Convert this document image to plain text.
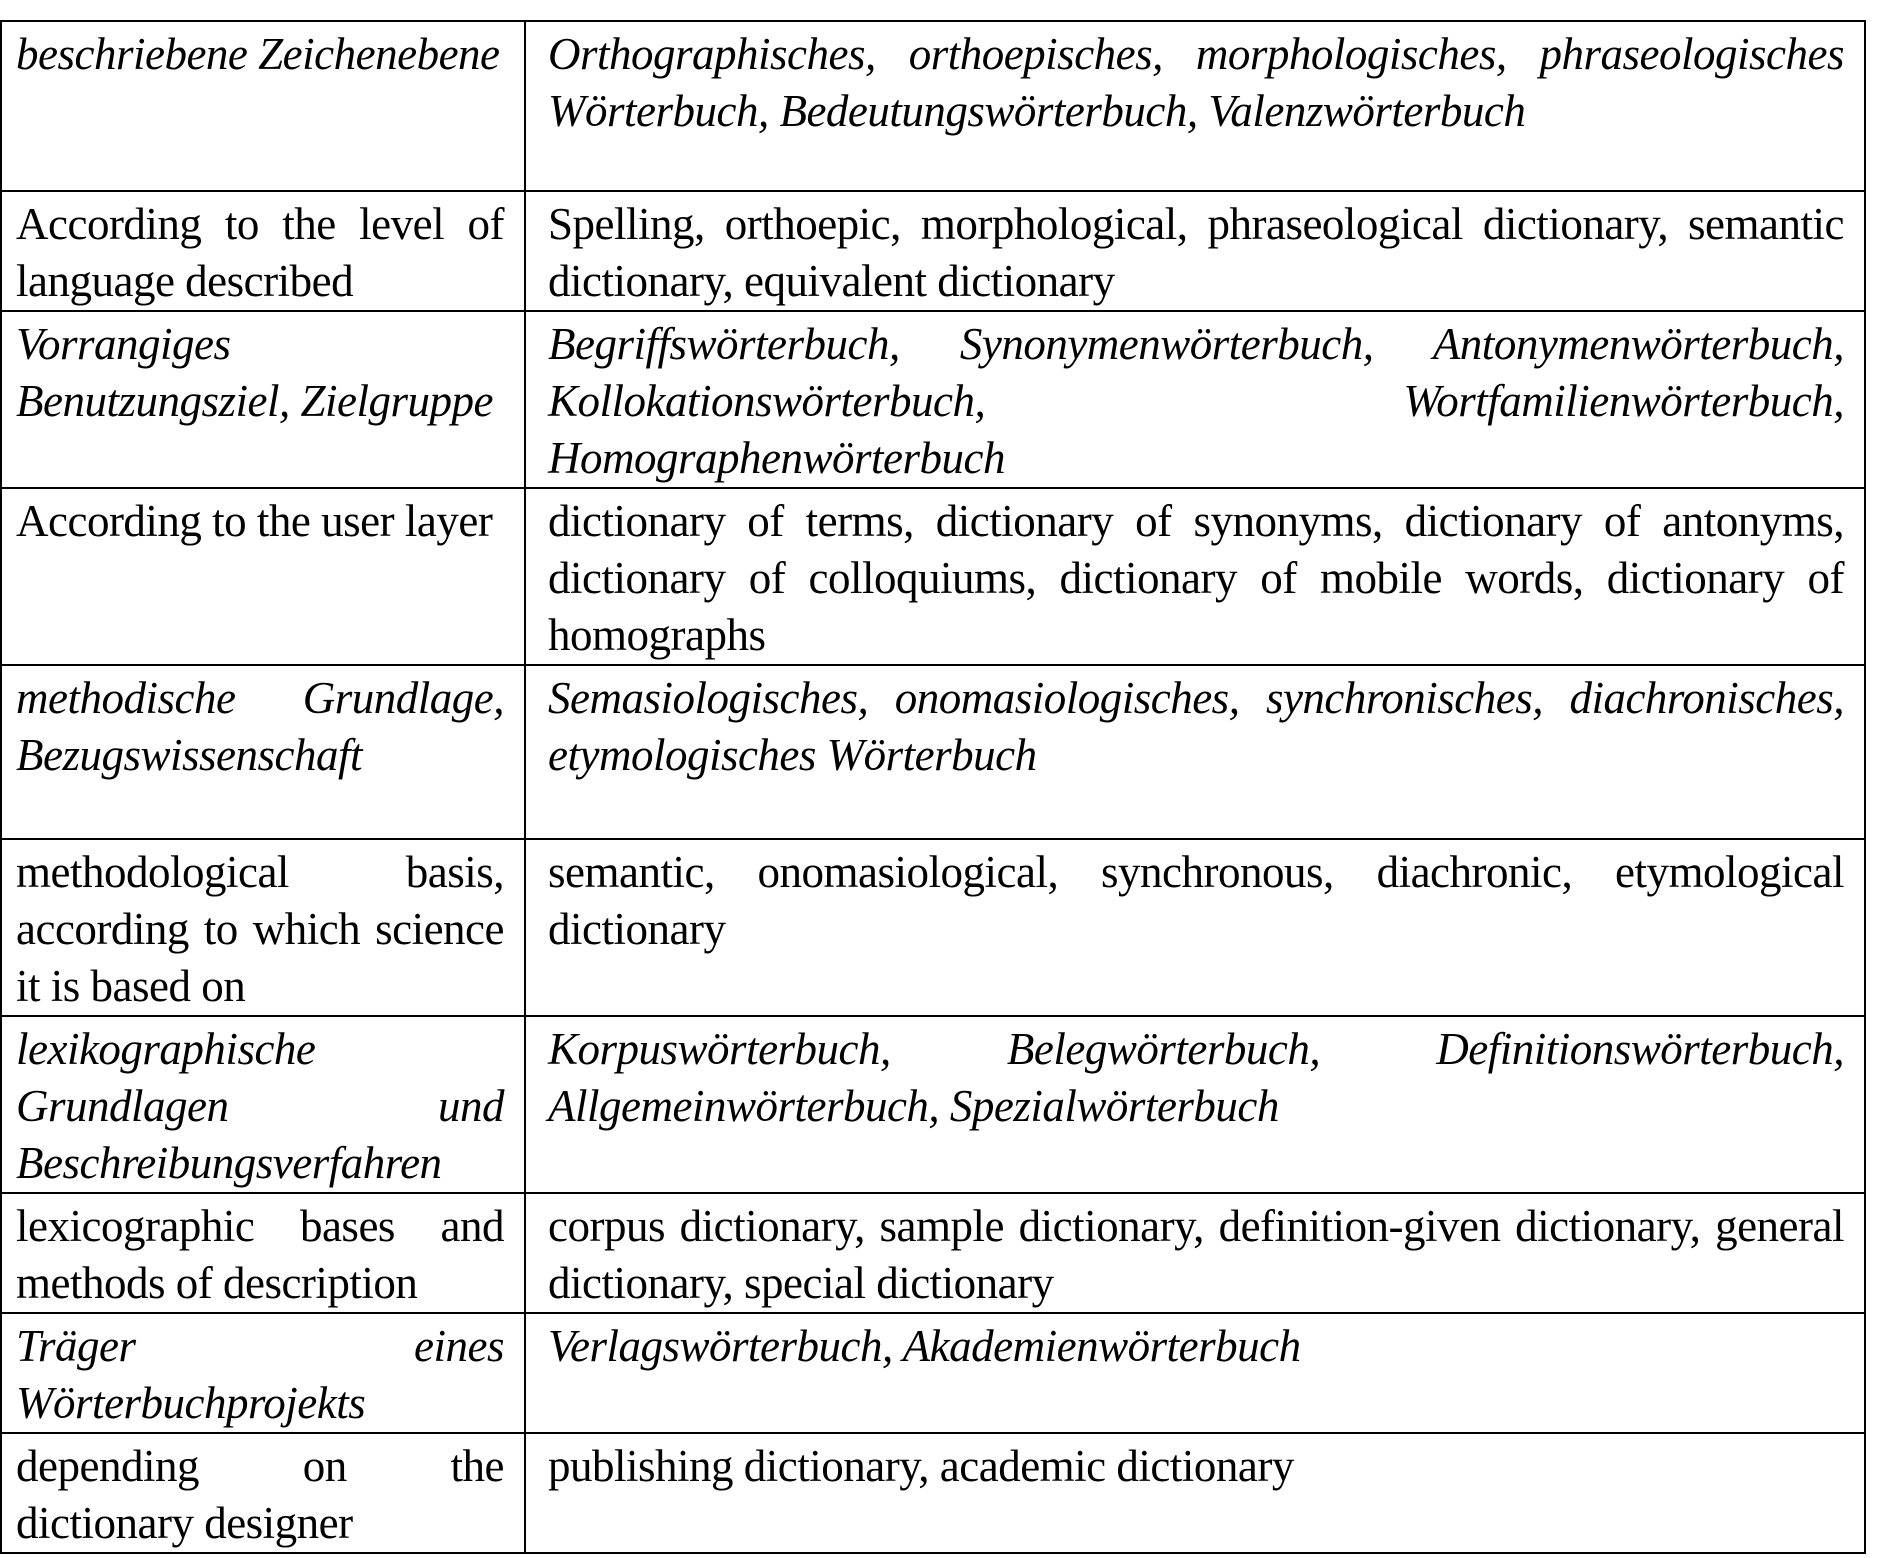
beschriebene Zeichenebene	Orthographisches, orthoepisches, morphologisches, phraseologisches Wörterbuch, Bedeutungswörterbuch, Valenzwörterbuch
According to the level of language described	Spelling, orthoepic, morphological, phraseological dictionary, semantic dictionary, equivalent dictionary
Vorrangiges Benutzungsziel, Zielgruppe	Begriffswörterbuch, Synonymenwörterbuch, Antonymenwörterbuch, Kollokationswörterbuch, Wortfamilienwörterbuch, Homographenwörterbuch
According to the user layer	dictionary of terms, dictionary of synonyms, dictionary of antonyms, dictionary of colloquiums, dictionary of mobile words, dictionary of homographs
methodische Grundlage, Bezugswissenschaft	Semasiologisches, onomasiologisches, synchronisches, diachronisches, etymologisches Wörterbuch
methodological basis, according to which science it is based on	semantic, onomasiological, synchronous, diachronic, etymological dictionary
lexikographische Grundlagen und Beschreibungsverfahren	Korpuswörterbuch, Belegwörterbuch, Definitionswörterbuch, Allgemeinwörterbuch, Spezialwörterbuch
lexicographic bases and methods of description	corpus dictionary, sample dictionary, definition-given dictionary, general dictionary, special dictionary
Träger eines Wörterbuchprojekts	Verlagswörterbuch, Akademienwörterbuch
depending on the dictionary designer	publishing dictionary, academic dictionary
